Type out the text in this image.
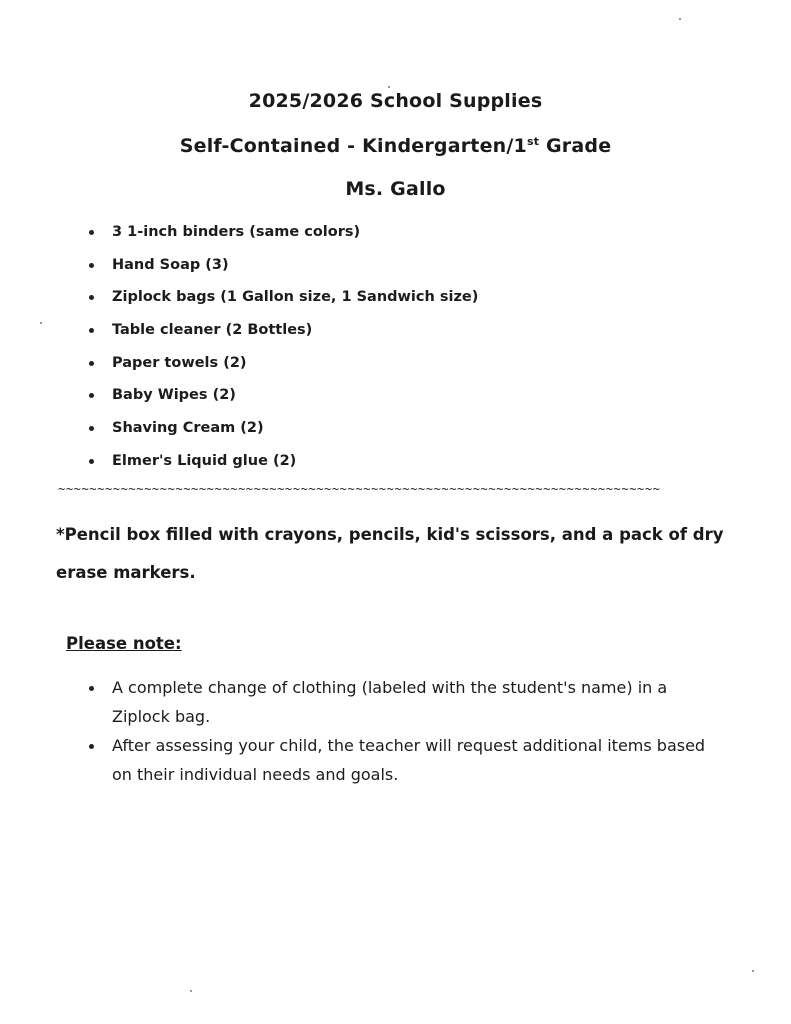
2025/2026 School Supplies
Self-Contained - Kindergarten/1st Grade
Ms. Gallo
3 1-inch binders (same colors)
Hand Soap (3)
Ziplock bags (1 Gallon size, 1 Sandwich size)
Table cleaner (2 Bottles)
Paper towels (2)
Baby Wipes (2)
Shaving Cream (2)
Elmer's Liquid glue (2)
~~~~~~~~~~~~~~~~~~~~~~~~~~~~~~~~~~~~~~~~~~~~~~~~~~~~~~~~~~~~~~~~~~~~~~~~~~~~~

*Pencil box filled with crayons, pencils, kid's scissors, and a pack of dry erase markers.

Please note:

A complete change of clothing (labeled with the student's name) in a Ziplock bag.
After assessing your child, the teacher will request additional items based on their individual needs and goals.
